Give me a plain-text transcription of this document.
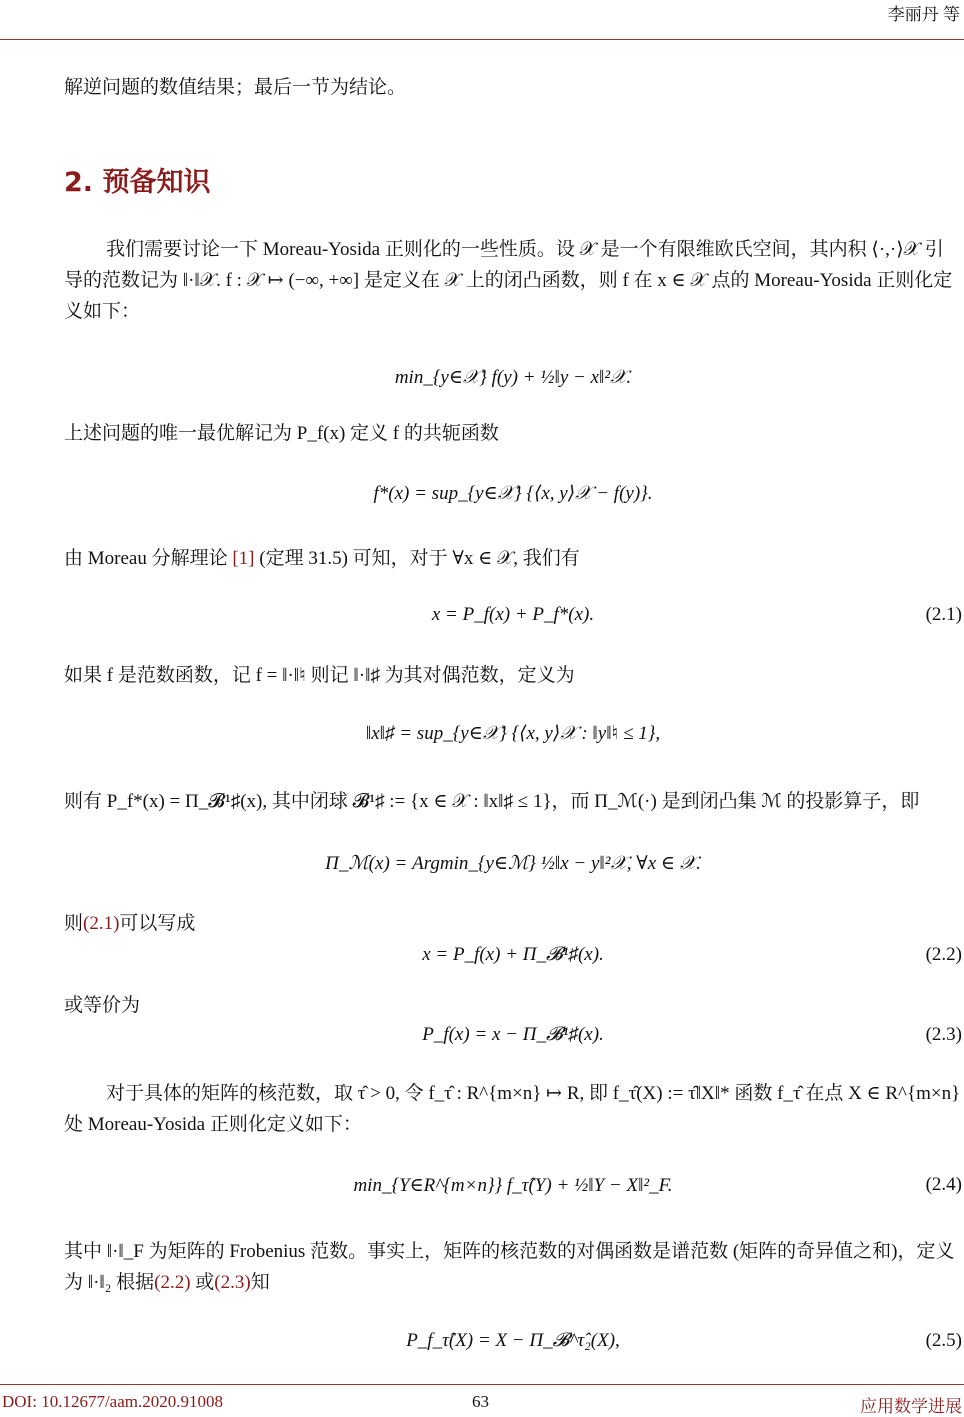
李丽丹 等
解逆问题的数值结果；最后一节为结论。
2. 预备知识
我们需要讨论一下 Moreau-Yosida 正则化的一些性质。设 𝒳 是一个有限维欧氏空间，其内积 ⟨·,·⟩𝒳 引导的范数记为 ‖·‖𝒳. f : 𝒳 ↦ (−∞, +∞] 是定义在 𝒳 上的闭凸函数，则 f 在 x ∈ 𝒳 点的 Moreau-Yosida 正则化定义如下：
min_{y∈𝒳} f(y) + ½‖y − x‖²𝒳.
上述问题的唯一最优解记为 P_f(x) 定义 f 的共轭函数
f*(x) = sup_{y∈𝒳} {⟨x, y⟩𝒳 − f(y)}.
由 Moreau 分解理论 [1] (定理 31.5) 可知，对于 ∀x ∈ 𝒳, 我们有
x = P_f(x) + P_f*(x).	(2.1)
如果 f 是范数函数，记 f = ‖·‖♮ 则记 ‖·‖♯ 为其对偶范数，定义为
‖x‖♯ = sup_{y∈𝒳} {⟨x, y⟩𝒳 : ‖y‖♮ ≤ 1},
则有 P_f*(x) = Π_𝓑¹♯(x), 其中闭球 𝓑¹♯ := {x ∈ 𝒳 : ‖x‖♯ ≤ 1}，而 Π_ℳ(·) 是到闭凸集 ℳ 的投影算子，即
Π_ℳ(x) = Argmin_{y∈ℳ} ½‖x − y‖²𝒳, ∀x ∈ 𝒳.
则(2.1)可以写成
x = P_f(x) + Π_𝓑¹♯(x).	(2.2)
或等价为
P_f(x) = x − Π_𝓑¹♯(x).	(2.3)
对于具体的矩阵的核范数，取 τ̂ > 0, 令 f_τ̂ : R^{m×n} ↦ R, 即 f_τ̂(X) := τ̂‖X‖* 函数 f_τ̂ 在点 X ∈ R^{m×n} 处 Moreau-Yosida 正则化定义如下：
min_{Y∈R^{m×n}} f_τ̂(Y) + ½‖Y − X‖²_F.	(2.4)
其中 ‖·‖_F 为矩阵的 Frobenius 范数。事实上，矩阵的核范数的对偶函数是谱范数 (矩阵的奇异值之和)，定义为 ‖·‖₂ 根据(2.2) 或(2.3)知
P_f_τ̂(X) = X − Π_𝓑^τ̂₂(X),	(2.5)
DOI: 10.12677/aam.2020.91008	63	应用数学进展
